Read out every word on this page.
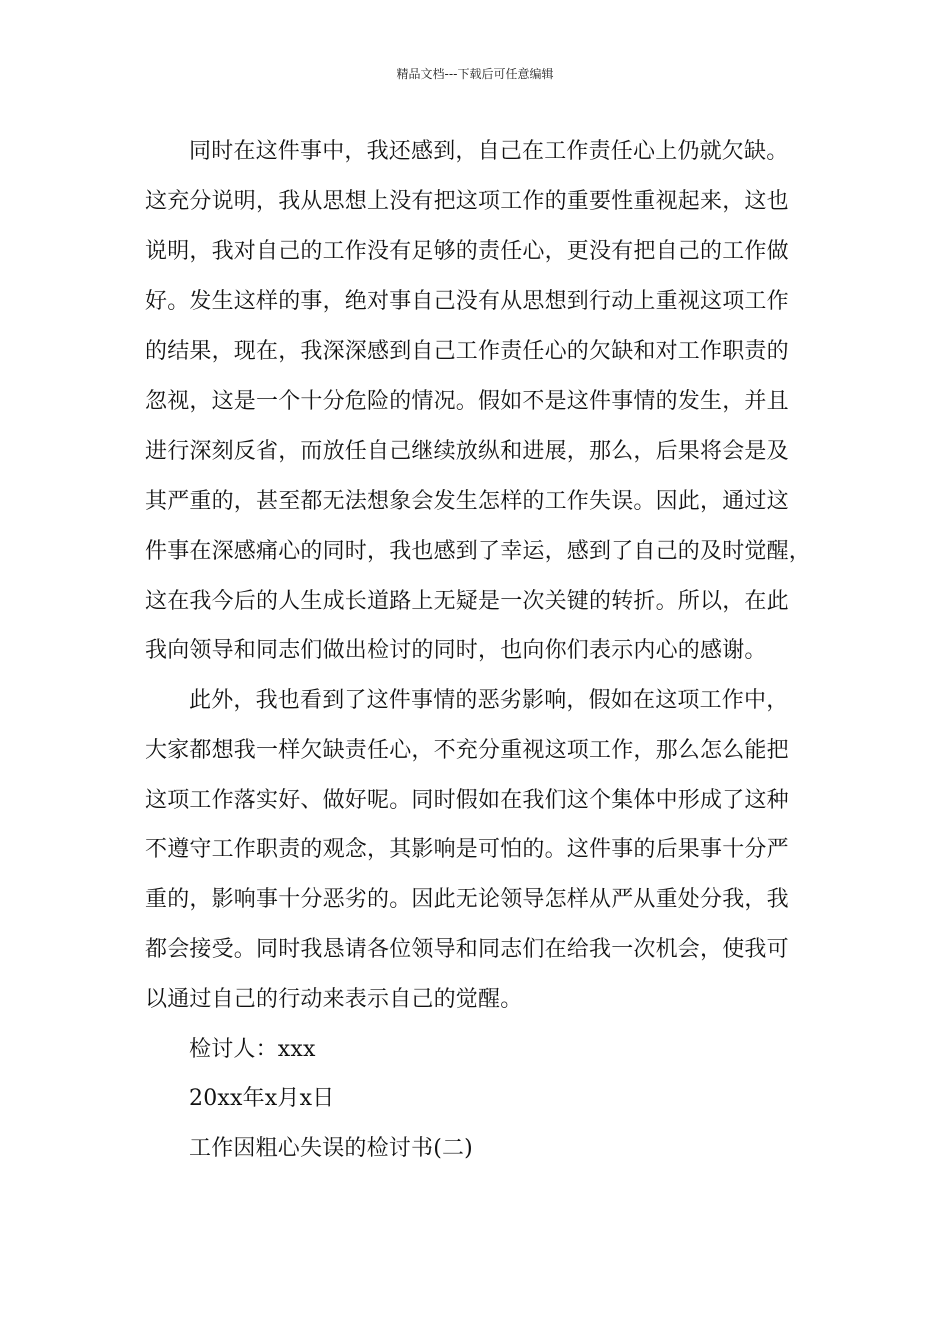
精品文档---下载后可任意编辑
同时在这件事中，我还感到，自己在工作责任心上仍就欠缺。
这充分说明，我从思想上没有把这项工作的重要性重视起来，这也
说明，我对自己的工作没有足够的责任心，更没有把自己的工作做
好。发生这样的事，绝对事自己没有从思想到行动上重视这项工作
的结果，现在，我深深感到自己工作责任心的欠缺和对工作职责的
忽视，这是一个十分危险的情况。假如不是这件事情的发生，并且
进行深刻反省，而放任自己继续放纵和进展，那么，后果将会是及
其严重的，甚至都无法想象会发生怎样的工作失误。因此，通过这
件事在深感痛心的同时，我也感到了幸运，感到了自己的及时觉醒，
这在我今后的人生成长道路上无疑是一次关键的转折。所以，在此
我向领导和同志们做出检讨的同时，也向你们表示内心的感谢。
此外，我也看到了这件事情的恶劣影响，假如在这项工作中，
大家都想我一样欠缺责任心，不充分重视这项工作，那么怎么能把
这项工作落实好、做好呢。同时假如在我们这个集体中形成了这种
不遵守工作职责的观念，其影响是可怕的。这件事的后果事十分严
重的，影响事十分恶劣的。因此无论领导怎样从严从重处分我，我
都会接受。同时我恳请各位领导和同志们在给我一次机会，使我可
以通过自己的行动来表示自己的觉醒。
检讨人：xxx
20xx年x月x日
工作因粗心失误的检讨书(二)
